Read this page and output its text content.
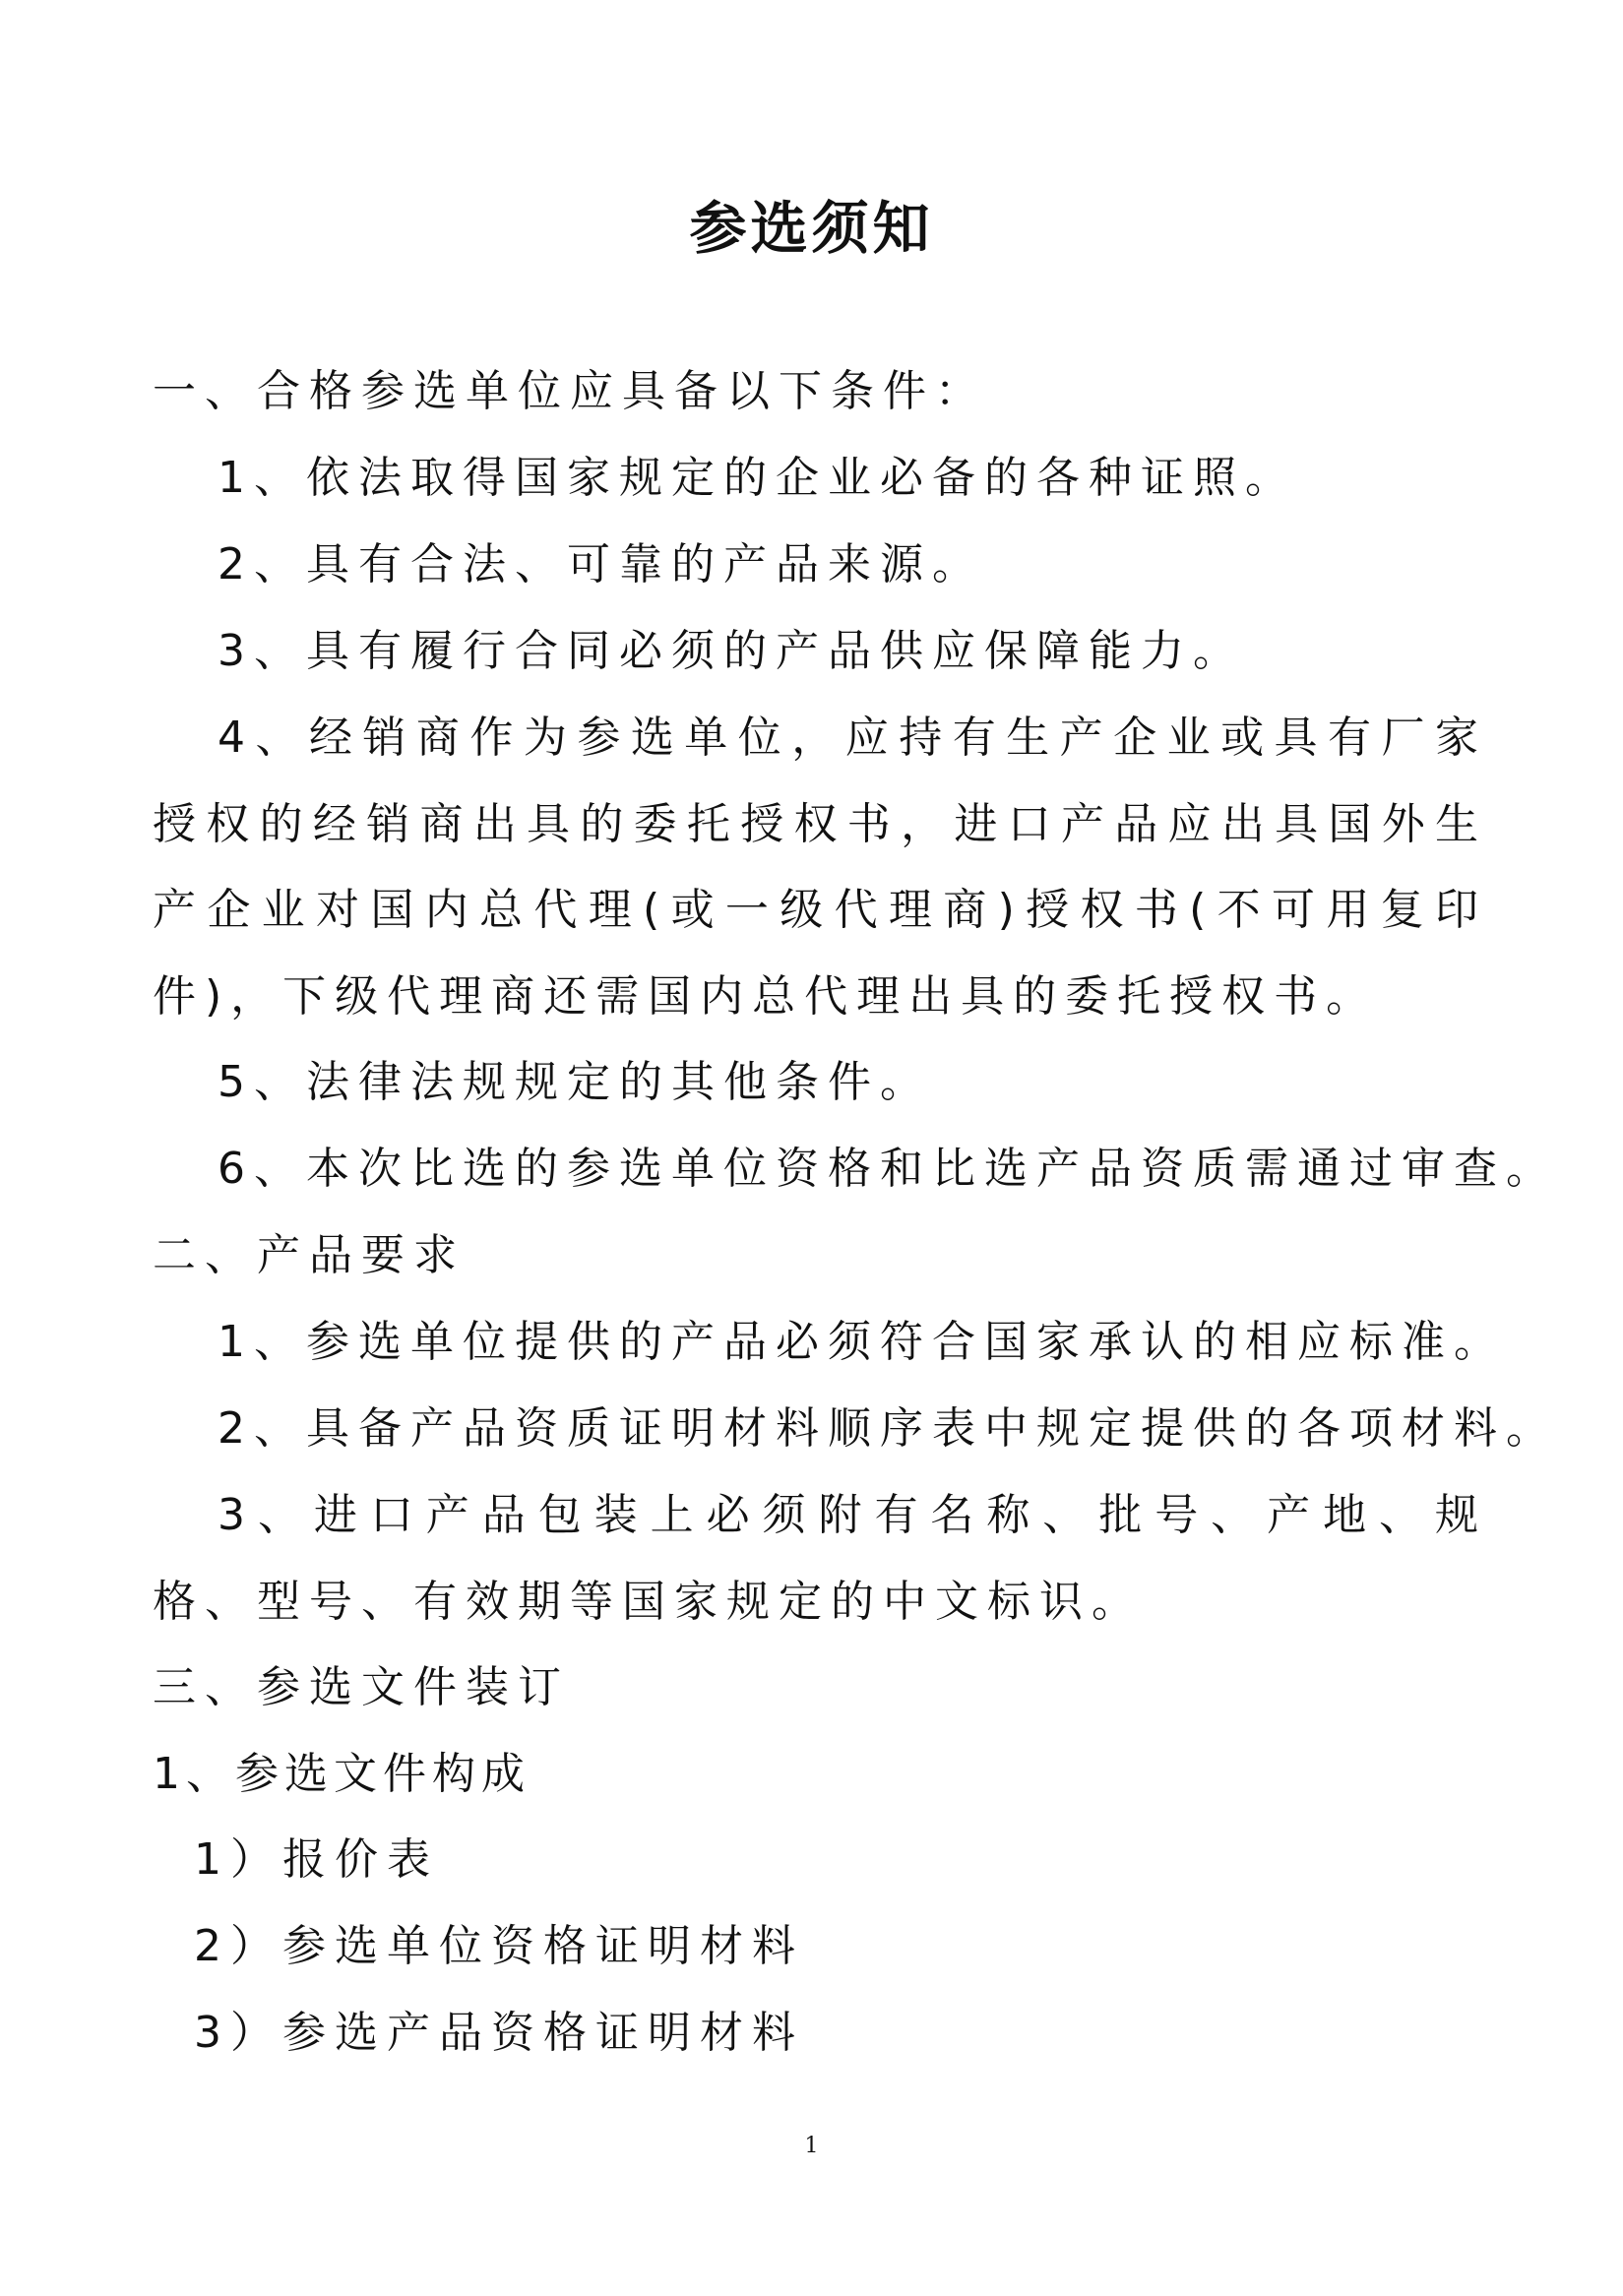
参选须知
一、合格参选单位应具备以下条件：
1、依法取得国家规定的企业必备的各种证照。
2、具有合法、可靠的产品来源。
3、具有履行合同必须的产品供应保障能力。
4、经销商作为参选单位，应持有生产企业或具有厂家授权的经销商出具的委托授权书，进口产品应出具国外生产企业对国内总代理(或一级代理商)授权书(不可用复印件)，下级代理商还需国内总代理出具的委托授权书。
5、法律法规规定的其他条件。
6、本次比选的参选单位资格和比选产品资质需通过审查。
二、产品要求
1、参选单位提供的产品必须符合国家承认的相应标准。
2、具备产品资质证明材料顺序表中规定提供的各项材料。
3、进口产品包装上必须附有名称、批号、产地、规格、型号、有效期等国家规定的中文标识。
三、参选文件装订
1、参选文件构成
1）报价表
2）参选单位资格证明材料
3）参选产品资格证明材料
1
